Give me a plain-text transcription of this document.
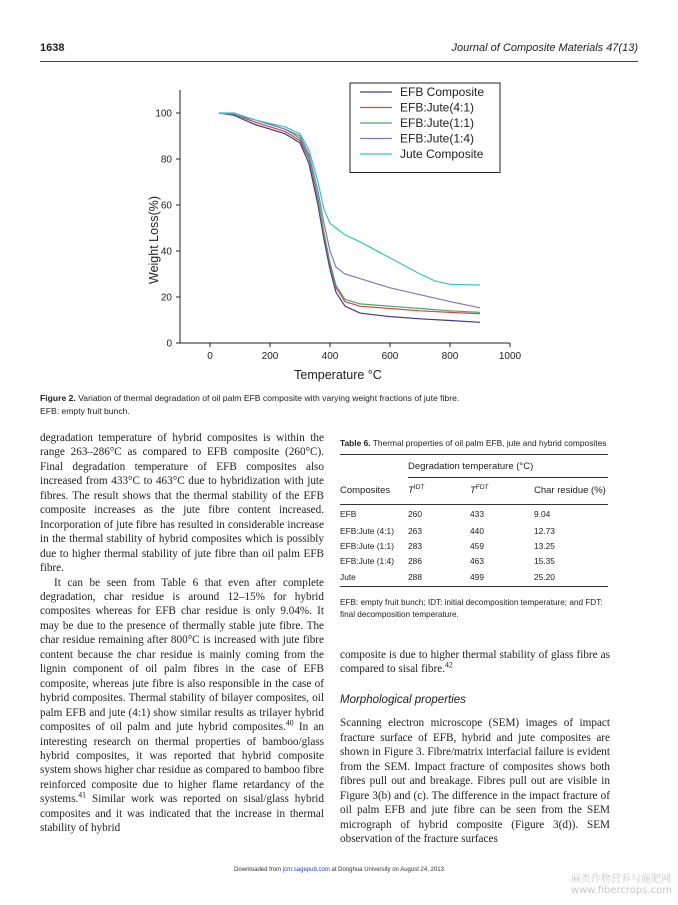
1638	Journal of Composite Materials 47(13)
0	200	400	600	800	1000
0
20
40
60
80
100
EFB Composite
EFB:Jute(4:1)
EFB:Jute(1:1)
EFB:Jute(1:4)
Jute Composite
Temperature °C
Weight Loss(%)
Figure 2. Variation of thermal degradation of oil palm EFB composite with varying weight fractions of jute fibre.
EFB: empty fruit bunch.

degradation temperature of hybrid composites is within the range 263–286°C as compared to EFB composite (260°C). Final degradation temperature of EFB composites also increased from 433°C to 463°C due to hybridization with jute fibres. The result shows that the thermal stability of the EFB composite increases as the jute fibre content increased. Incorporation of jute fibre has resulted in considerable increase in the thermal stability of hybrid composites which is possibly due to higher thermal stability of jute fibre than oil palm EFB fibre.

It can be seen from Table 6 that even after complete degradation, char residue is around 12–15% for hybrid composites whereas for EFB char residue is only 9.04%. It may be due to the presence of thermally stable jute fibre. The char residue remaining after 800°C is increased with jute fibre content because the char residue is mainly coming from the lignin component of oil palm fibres in the case of EFB composite, whereas jute fibre is also responsible in the case of hybrid composites. Thermal stability of bilayer composites, oil palm EFB and jute (4:1) show similar results as trilayer hybrid composites of oil palm and jute hybrid composites.$^{40}$ In an interesting research on thermal properties of bamboo/glass hybrid composites, it was reported that hybrid composite system shows higher char residue as compared to bamboo fibre reinforced composite due to higher flame retardancy of the systems.$^{41}$ Similar work was reported on sisal/glass hybrid composites and it was indicated that the increase in thermal stability of hybrid

Table 6. Thermal properties of oil palm EFB, jute and hybrid composites
	Degradation temperature (°C)		
Composites	$T^{IDT}$	$T^{FDT}$	Char residue (%)
EFB	260	433	9.04
EFB:Jute (4:1)	263	440	12.73
EFB:Jute (1:1)	283	459	13.25
EFB:Jute (1:4)	286	463	15.35
Jute	288	499	25.20
EFB: empty fruit bunch; IDT: initial decomposition temperature; and FDT: final decomposition temperature.

composite is due to higher thermal stability of glass fibre as compared to sisal fibre.$^{42}$

Morphological properties

Scanning electron microscope (SEM) images of impact fracture surface of EFB, hybrid and jute composites are shown in Figure 3. Fibre/matrix interfacial failure is evident from the SEM. Impact fracture of composites shows both fibres pull out and breakage. Fibres pull out are visible in Figure 3(b) and (c). The difference in the impact fracture of oil palm EFB and jute fibre can be seen from the SEM micrograph of hybrid composite (Figure 3(d)). SEM observation of the fracture surfaces

Downloaded from jcm.sagepub.com at Donghua University on August 24, 2013
麻类作物营养与施肥网
www.fibercrops.com
